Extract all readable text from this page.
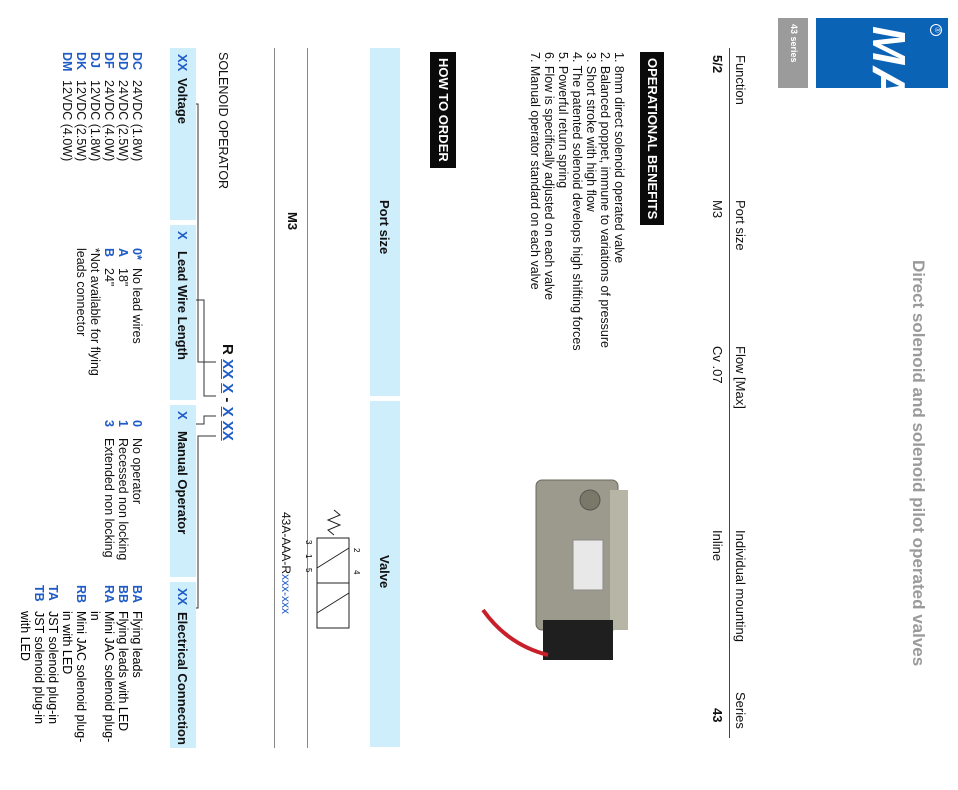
Direct solenoid and solenoid pilot operated valves
43 series MAC	®
Function
Port size
Flow [Max]
Individual mounting
Series
5/2
M3
Cv .07
Inline
43
OPERATIONAL BENEFITS
1. 8mm direct solenoid operated valve
2. Balanced poppet, immune to variations of pressure
3. Short stroke with high flow
4. The patented solenoid develops high shifting forces
5. Powerful return spring
6. Flow is specifically adjusted on each valve
7. Manual operator standard on each valve
HOW TO ORDER
Port size
Valve
M3
2
4
3
1
5
43A-AAA-Rxxx-xxx
SOLENOID OPERATOR
R XX X - X XX
XX
Voltage
X
Lead Wire Length
X
Manual Operator
XX
Electrical Connection
DC24VDC (1.8W)
DD24VDC (2.5W)
DF24VDC (4.0W)
DJ12VDC (1.8W)
DK12VDC (2.5W)
DM12VDC (4.0W)
0*No lead wires
A18"
B24"
*Not available for flying leads connector
0No operator
1Recessed non locking
3Extended non locking
BA
Flying leads
BB
Flying leads with LED
RA
Mini JAC solenoid plug-in
RB
Mini JAC solenoid plug-in with LED
TA
JST solenoid plug-in
TB
JST solenoid plug-in with LED
